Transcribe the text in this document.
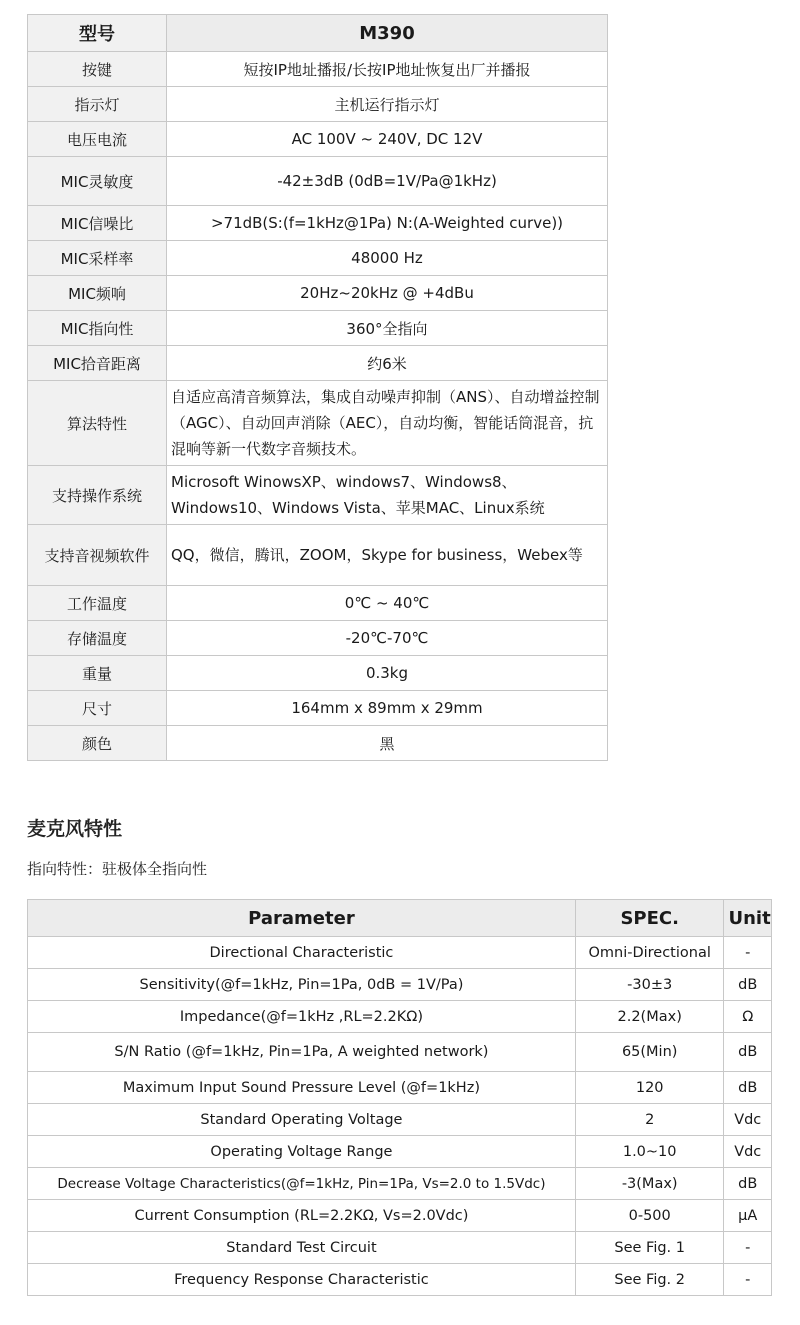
型号	M390
按键	短按IP地址播报/长按IP地址恢复出厂并播报
指示灯	主机运行指示灯
电压电流	AC 100V ~ 240V, DC 12V
MIC灵敏度	-42±3dB (0dB=1V/Pa@1kHz)
MIC信噪比	>71dB(S:(f=1kHz@1Pa) N:(A-Weighted curve))
MIC采样率	48000 Hz
MIC频响	20Hz~20kHz @ +4dBu
MIC指向性	360°全指向
MIC拾音距离	约6米
算法特性	自适应高清音频算法，集成自动噪声抑制（ANS）、自动增益控制（AGC）、自动回声消除（AEC），自动均衡，智能话筒混音，抗混响等新一代数字音频技术。
支持操作系统	Microsoft WinowsXP、windows7、Windows8、Windows10、Windows Vista、苹果MAC、Linux系统
支持音视频软件	QQ，微信，腾讯，ZOOM，Skype for business，Webex等
工作温度	0℃ ~ 40℃
存储温度	-20℃-70℃
重量	0.3kg
尺寸	164mm x 89mm x 29mm
颜色	黑
麦克风特性

指向特性：驻极体全指向性

Parameter	SPEC.	Unit
Directional Characteristic	Omni-Directional	-
Sensitivity(@f=1kHz, Pin=1Pa, 0dB = 1V/Pa)	-30±3	dB
Impedance(@f=1kHz ,RL=2.2KΩ)	2.2(Max)	Ω
S/N Ratio (@f=1kHz, Pin=1Pa, A weighted network)	65(Min)	dB
Maximum Input Sound Pressure Level (@f=1kHz)	120	dB
Standard Operating Voltage	2	Vdc
Operating Voltage Range	1.0~10	Vdc
Decrease Voltage Characteristics(@f=1kHz, Pin=1Pa, Vs=2.0 to 1.5Vdc)	-3(Max)	dB
Current Consumption (RL=2.2KΩ, Vs=2.0Vdc)	0-500	μA
Standard Test Circuit	See Fig. 1	-
Frequency Response Characteristic	See Fig. 2	-
